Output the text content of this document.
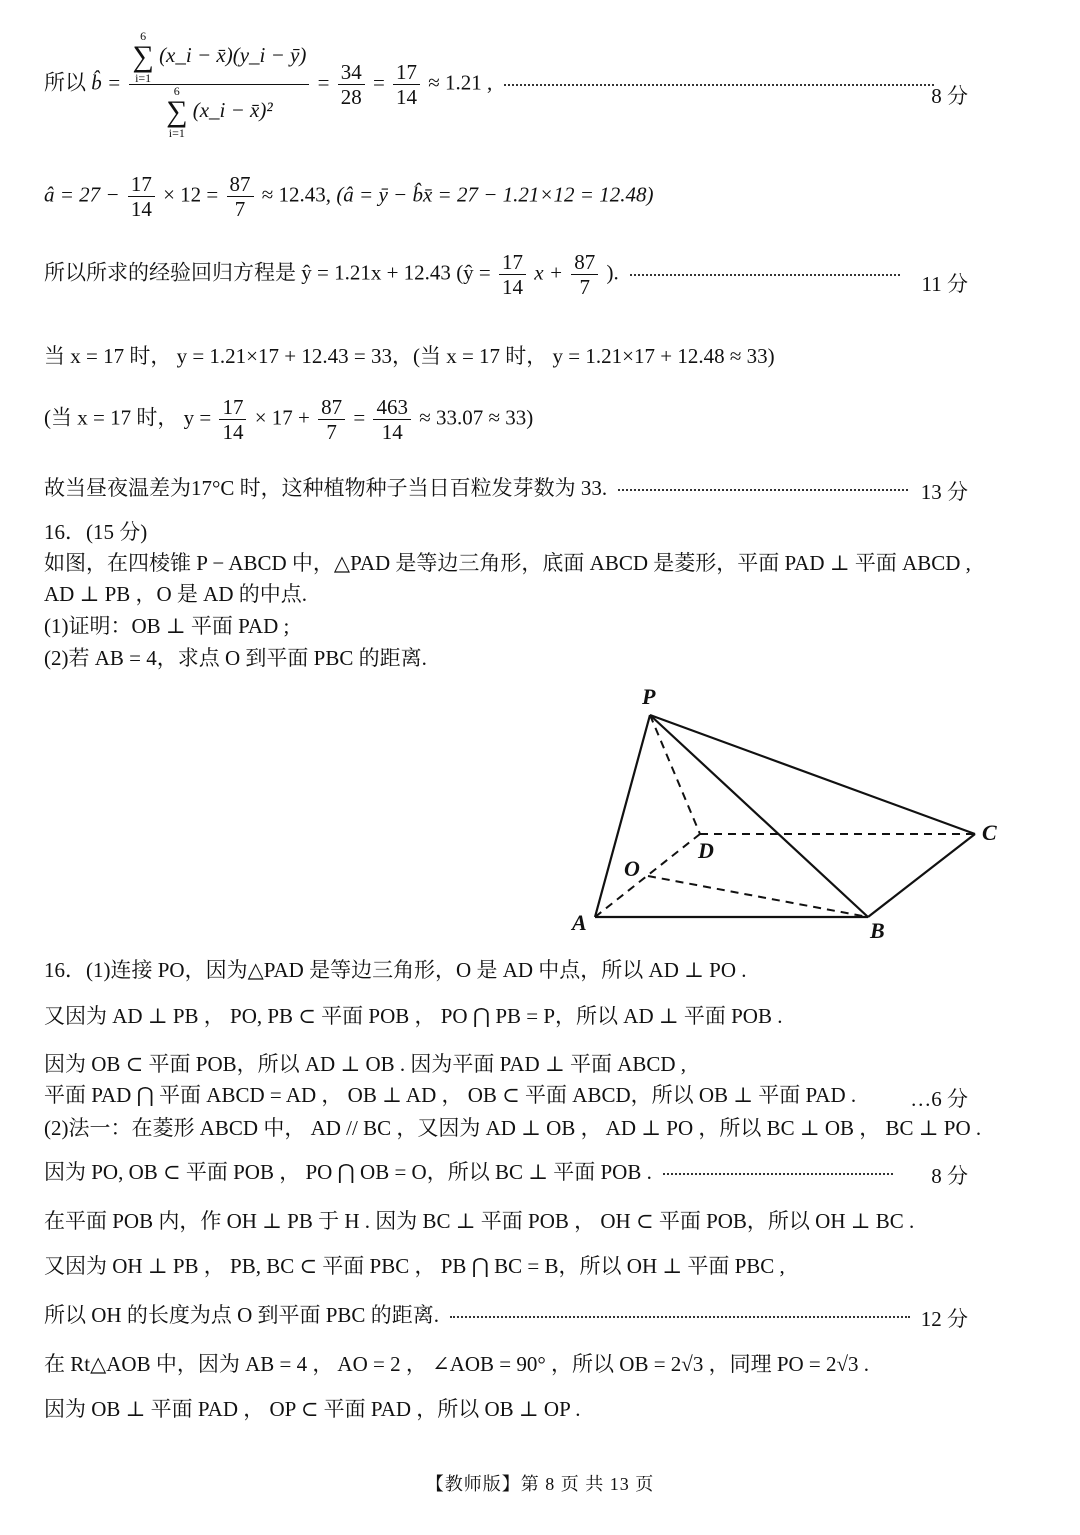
所以 b̂ = 6
∑
i=1 (x_i − x̄)(y_i − ȳ)
6
∑
i=1 (x_i − x̄)² = $\frac{34}{28} = \frac{17}{14} \approx 1.21$ ,
8 分
â = $27 - \frac{17}{14} \times 12 = \frac{87}{7} \approx 12.43$, (â = ȳ − b̂x̄ = 27 − 1.21×12 = 12.48)
所以所求的经验回归方程是 ŷ = 1.21x + 12.43 (ŷ = $\frac{17}{14}$ $x + \frac{87}{7}$ ).	11 分
当 x = 17 时， y = 1.21×17 + 12.43 = 33，(当 x = 17 时， y = 1.21×17 + 12.48 ≈ 33)
(当 x = 17 时， $y = \frac{17}{14} \times 17 + \frac{87}{7} = \frac{463}{14} \approx 33.07 \approx 33$)
故当昼夜温差为17°C 时，这种植物种子当日百粒发芽数为 33.	13 分
16．(15 分)
如图，在四棱锥 P − ABCD 中，△PAD 是等边三角形，底面 ABCD 是菱形，平面 PAD ⊥ 平面 ABCD ,
AD ⊥ PB ，O 是 AD 的中点.
(1)证明：OB ⊥ 平面 PAD ;
(2)若 AB = 4，求点 O 到平面 PBC 的距离.
P
A	B
C
D
O
16．(1)连接 PO，因为△PAD 是等边三角形，O 是 AD 中点，所以 AD ⊥ PO .
又因为 AD ⊥ PB ， PO, PB ⊂ 平面 POB ， PO ⋂ PB = P，所以 AD ⊥ 平面 POB .
因为 OB ⊂ 平面 POB，所以 AD ⊥ OB . 因为平面 PAD ⊥ 平面 ABCD ,
平面 PAD ⋂ 平面 ABCD = AD ， OB ⊥ AD ， OB ⊂ 平面 ABCD，所以 OB ⊥ 平面 PAD .	…6 分
(2)法一：在菱形 ABCD 中， AD // BC ，又因为 AD ⊥ OB ， AD ⊥ PO ，所以 BC ⊥ OB ， BC ⊥ PO .
因为 PO, OB ⊂ 平面 POB ， PO ⋂ OB = O，所以 BC ⊥ 平面 POB .	8 分
在平面 POB 内，作 OH ⊥ PB 于 H . 因为 BC ⊥ 平面 POB ， OH ⊂ 平面 POB，所以 OH ⊥ BC .
又因为 OH ⊥ PB ， PB, BC ⊂ 平面 PBC ， PB ⋂ BC = B，所以 OH ⊥ 平面 PBC ,
所以 OH 的长度为点 O 到平面 PBC 的距离.	12 分
在 Rt△AOB 中，因为 AB = 4 ， AO = 2 ， ∠AOB = 90° ，所以 OB = 2√3 ，同理 PO = 2√3 .
因为 OB ⊥ 平面 PAD ， OP ⊂ 平面 PAD ，所以 OB ⊥ OP .
【教师版】第 8 页 共 13 页
